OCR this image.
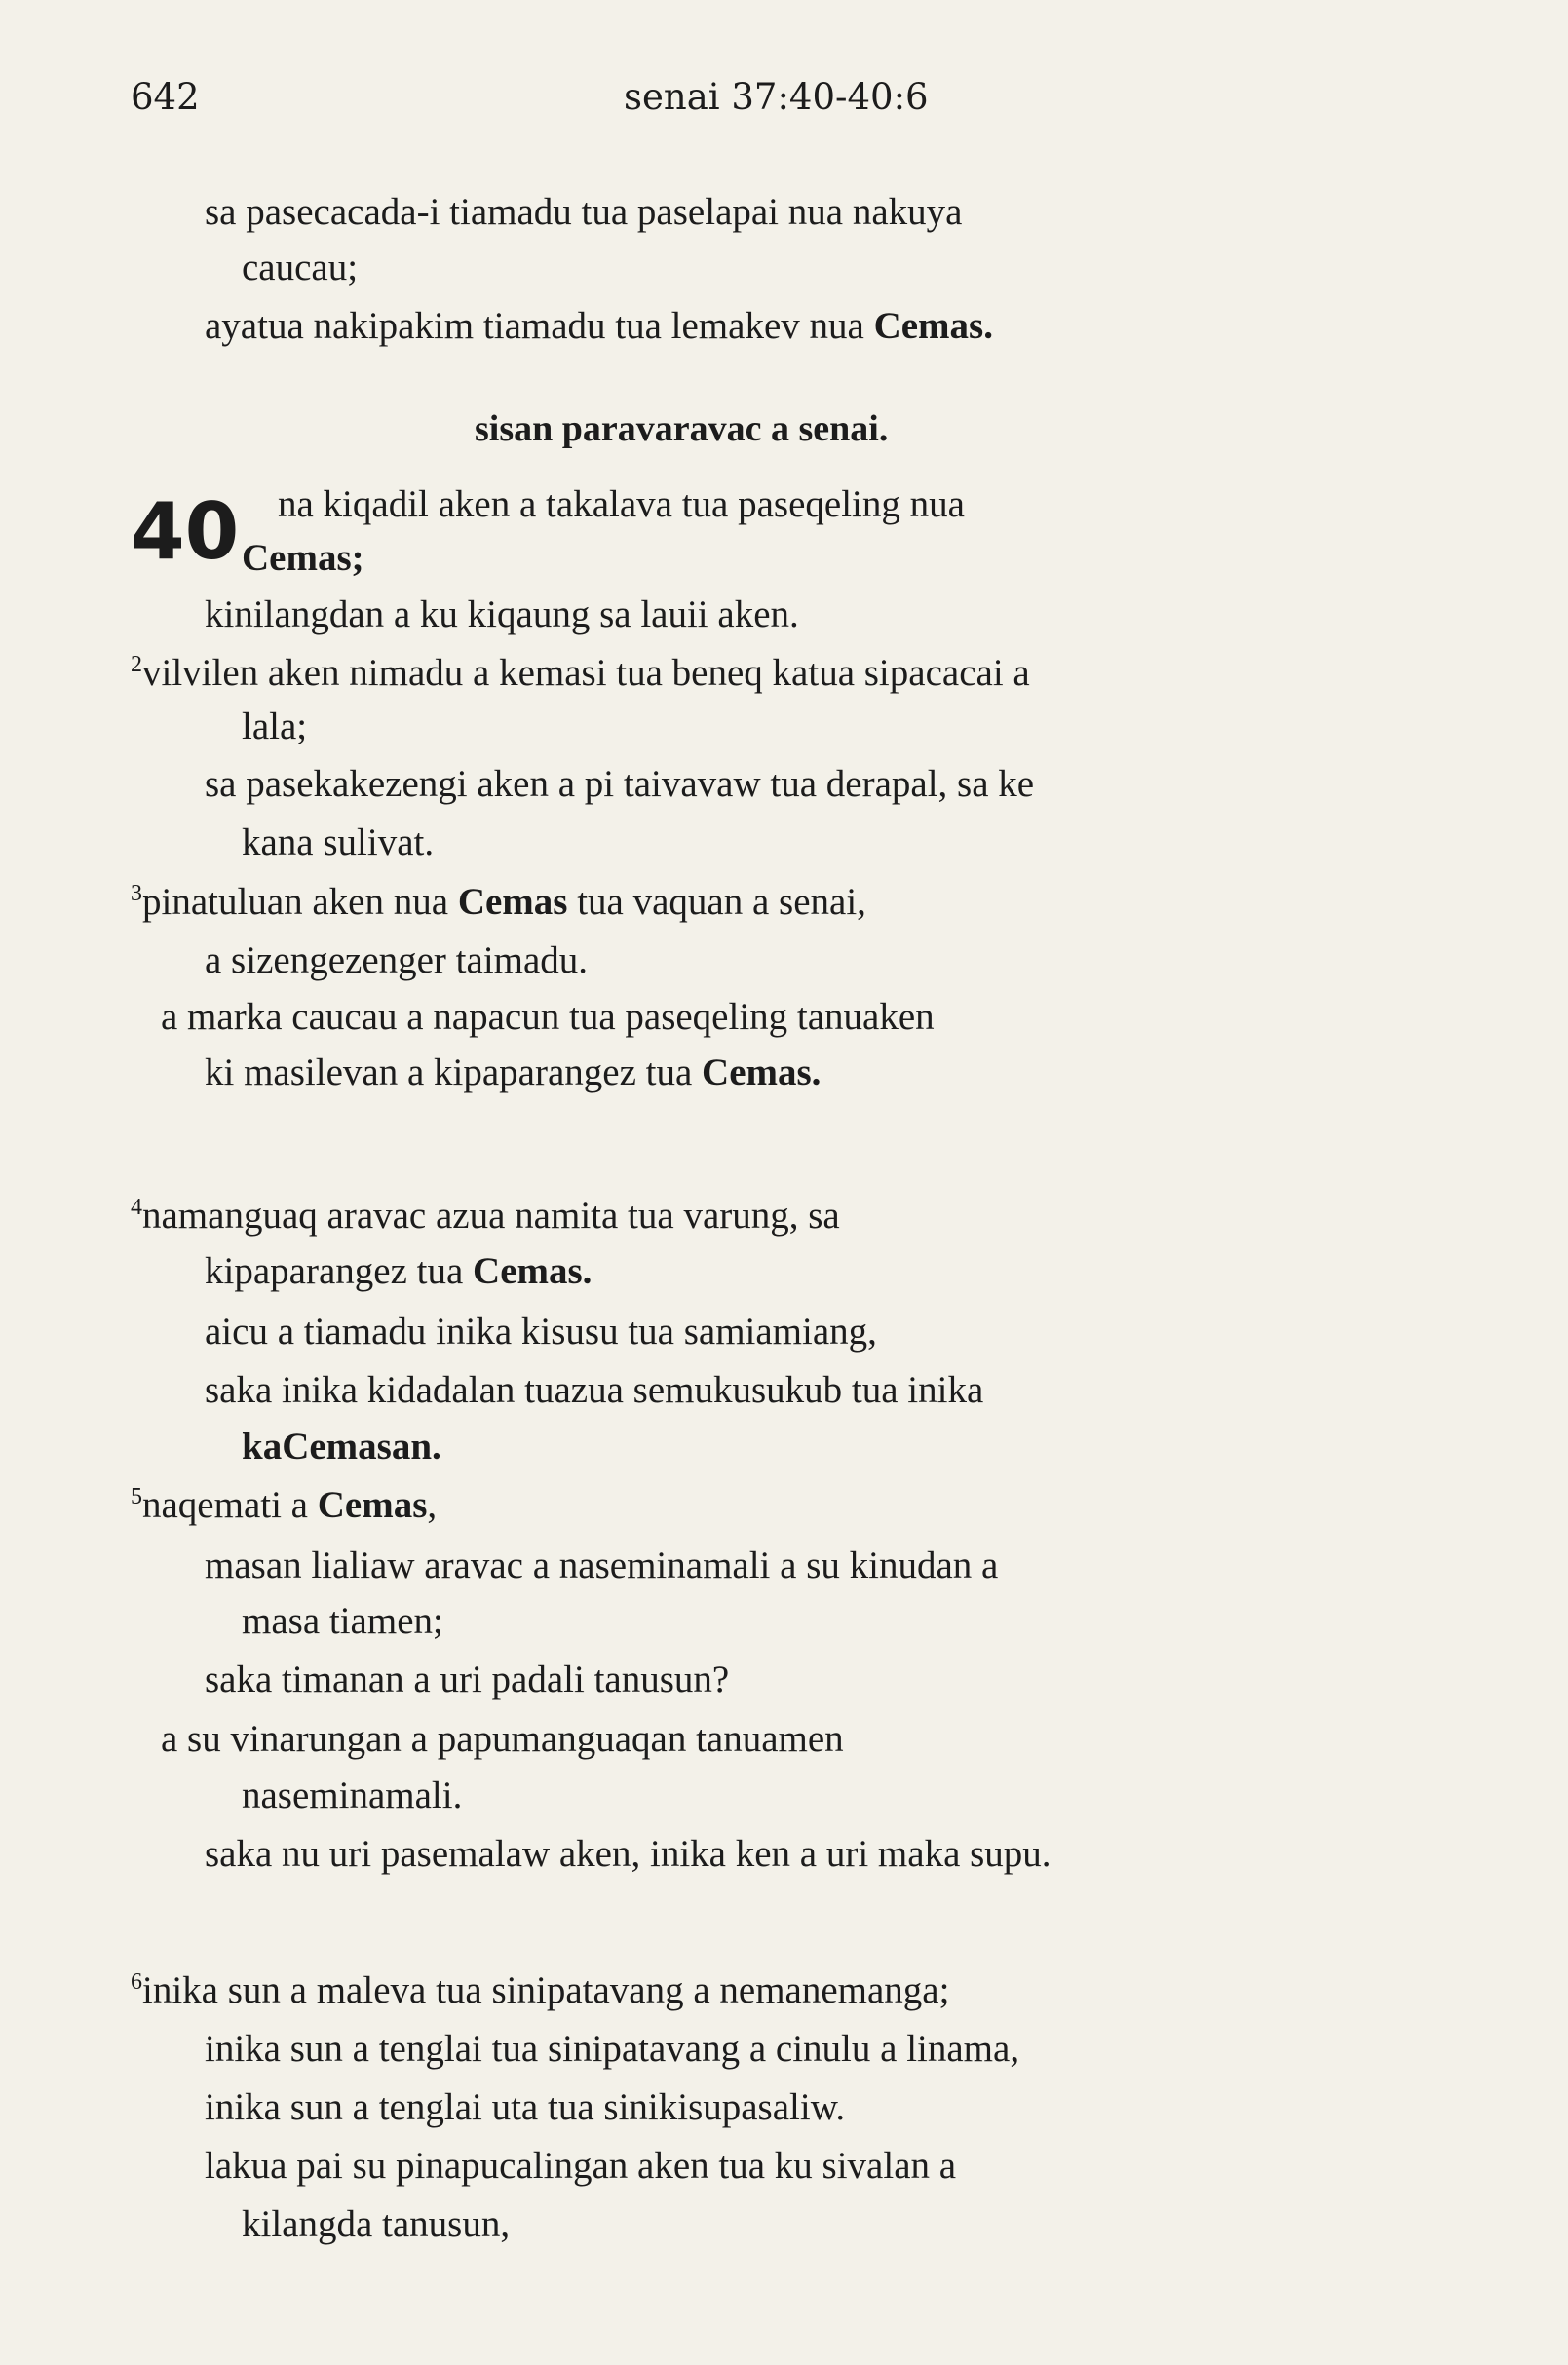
642	senai 37:40-40:6
40
sisan paravaravac a senai.
sa pasecacada-i tiamadu tua paselapai nua nakuya
caucau;
ayatua nakipakim tiamadu tua lemakev nua Cemas.
na kiqadil aken a takalava tua paseqeling nua
Cemas;
kinilangdan a ku kiqaung sa lauii aken.
$^2$vilvilen aken nimadu a kemasi tua beneq katua sipacacai a
lala;
sa pasekakezengi aken a pi taivavaw tua derapal, sa ke
kana sulivat.
$^3$pinatuluan aken nua Cemas tua vaquan a senai,
a sizengezenger taimadu.
a marka caucau a napacun tua paseqeling tanuaken
ki masilevan a kipaparangez tua Cemas.
$^4$namanguaq aravac azua namita tua varung, sa
kipaparangez tua Cemas.
aicu a tiamadu inika kisusu tua samiamiang,
saka inika kidadalan tuazua semukusukub tua inika
kaCemasan.
$^5$naqemati a Cemas,
masan lialiaw aravac a naseminamali a su kinudan a
masa tiamen;
saka timanan a uri padali tanusun?
a su vinarungan a papumanguaqan tanuamen
naseminamali.
saka nu uri pasemalaw aken, inika ken a uri maka supu.
$^6$inika sun a maleva tua sinipatavang a nemanemanga;
inika sun a tenglai tua sinipatavang a cinulu a linama,
inika sun a tenglai uta tua sinikisupasaliw.
lakua pai su pinapucalingan aken tua ku sivalan a
kilangda tanusun,
